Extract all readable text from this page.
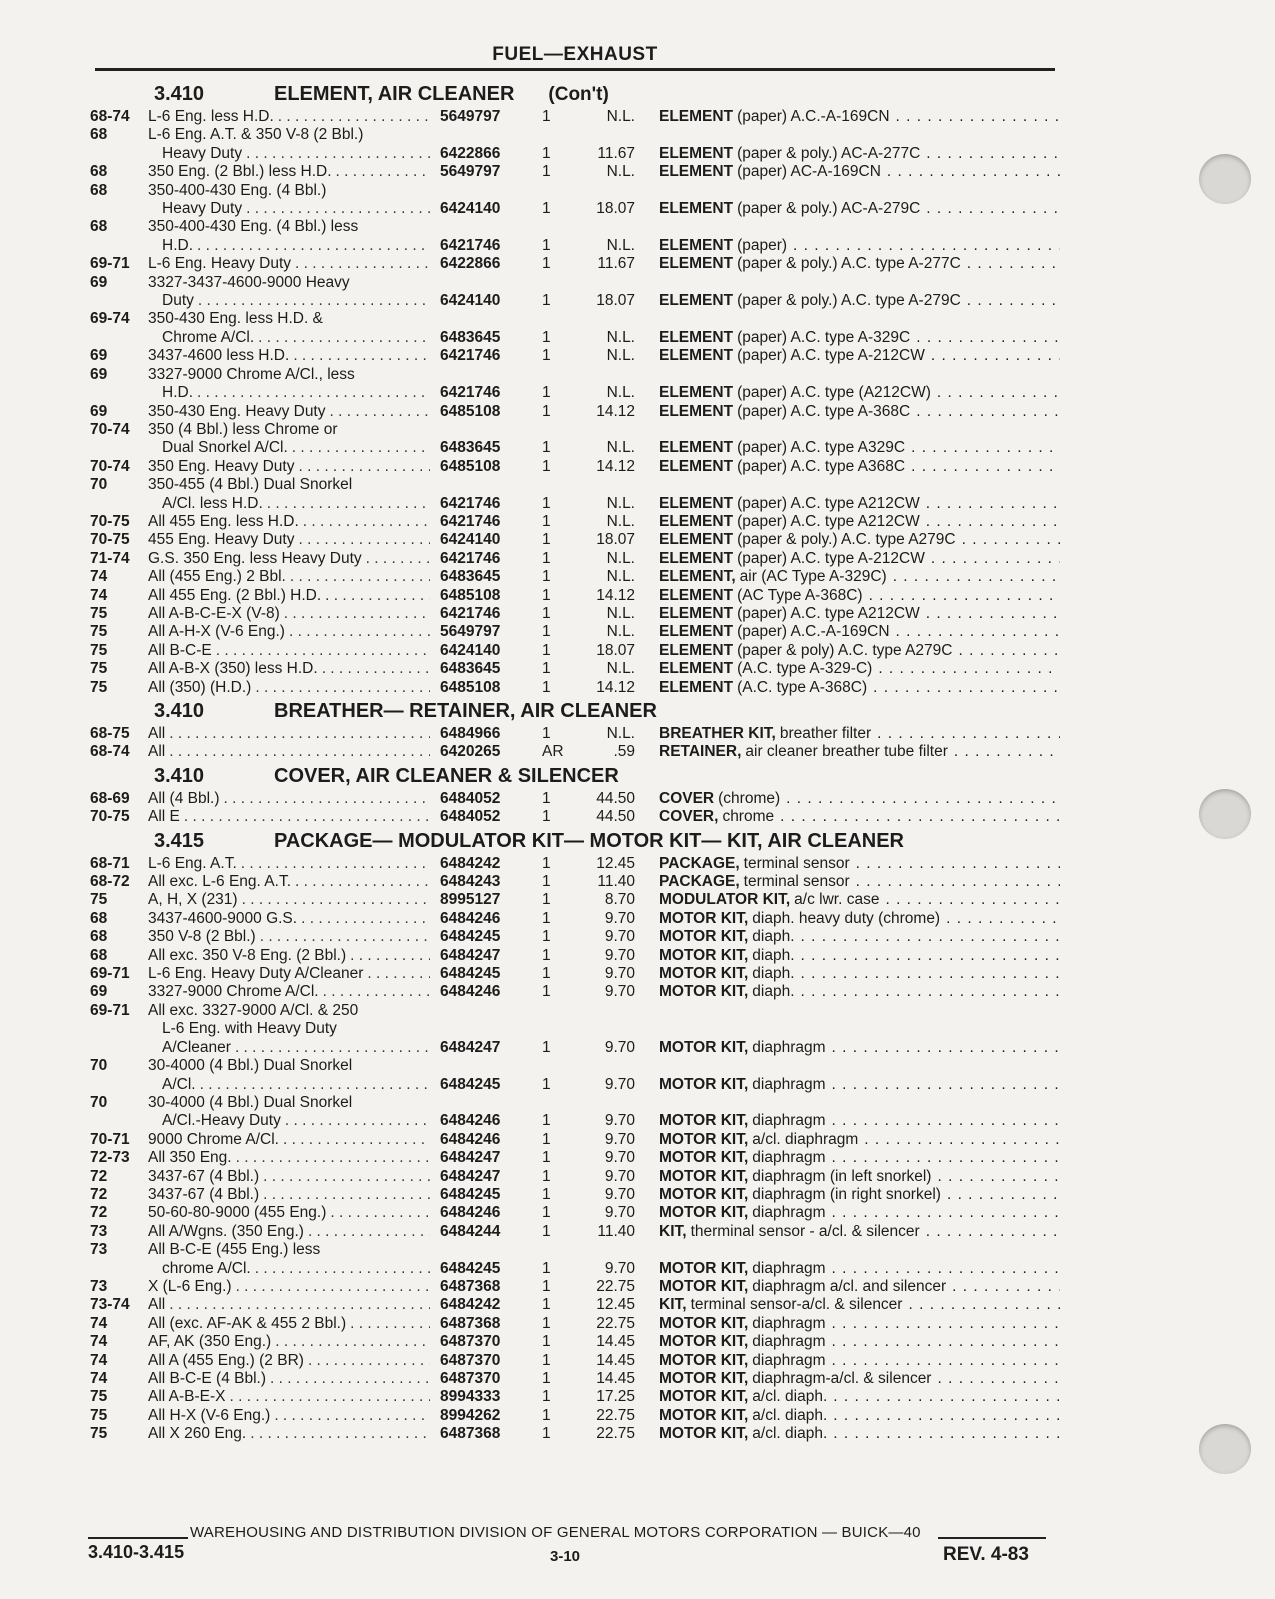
FUEL—EXHAUST
3.410	ELEMENT, AIR CLEANER (Con't)
68-74	L-6 Eng. less H.D. . . .	5649797	1	N.L.	ELEMENT (paper) A.C.-A-169CN
. . .
68	L-6 Eng. A.T. & 350 V-8 (2 Bbl.)
Heavy Duty . . .	6422866	1	11.67	ELEMENT (paper & poly.) AC-A-277C
. . .
68	350 Eng. (2 Bbl.) less H.D. . . .	5649797	1	N.L.	ELEMENT (paper) AC-A-169CN
. . .
68	350-400-430 Eng. (4 Bbl.)
Heavy Duty . . .	6424140	1	18.07	ELEMENT (paper & poly.) AC-A-279C
. . .
68	350-400-430 Eng. (4 Bbl.) less
H.D. . . .	6421746	1	N.L.	ELEMENT (paper)
. . .
69-71	L-6 Eng. Heavy Duty . . .	6422866	1	11.67	ELEMENT (paper & poly.) A.C. type A-277C
. . .
69	3327-3437-4600-9000 Heavy
Duty . . .	6424140	1	18.07	ELEMENT (paper & poly.) A.C. type A-279C
. . .
69-74	350-430 Eng. less H.D. &
Chrome A/Cl. . . .	6483645	1	N.L.	ELEMENT (paper) A.C. type A-329C
. . .
69	3437-4600 less H.D. . . .	6421746	1	N.L.	ELEMENT (paper) A.C. type A-212CW
. . .
69	3327-9000 Chrome A/Cl., less
H.D. . . .	6421746	1	N.L.	ELEMENT (paper) A.C. type (A212CW)
. . .
69	350-430 Eng. Heavy Duty . . .	6485108	1	14.12	ELEMENT (paper) A.C. type A-368C
. . .
70-74	350 (4 Bbl.) less Chrome or
Dual Snorkel A/Cl. . . .	6483645	1	N.L.	ELEMENT (paper) A.C. type A329C
. . .
70-74	350 Eng. Heavy Duty . . .	6485108	1	14.12	ELEMENT (paper) A.C. type A368C
. . .
70	350-455 (4 Bbl.) Dual Snorkel
A/Cl. less H.D. . . .	6421746	1	N.L.	ELEMENT (paper) A.C. type A212CW
. . .
70-75	All 455 Eng. less H.D. . . .	6421746	1	N.L.	ELEMENT (paper) A.C. type A212CW
. . .
70-75	455 Eng. Heavy Duty . . .	6424140	1	18.07	ELEMENT (paper & poly.) A.C. type A279C
. . .
71-74	G.S. 350 Eng. less Heavy Duty . . .	6421746	1	N.L.	ELEMENT (paper) A.C. type A-212CW
. . .
74	All (455 Eng.) 2 Bbl. . . .	6483645	1	N.L.	ELEMENT, air (AC Type A-329C)
. . .
74	All 455 Eng. (2 Bbl.) H.D. . . .	6485108	1	14.12	ELEMENT (AC Type A-368C)
. . .
75	All A-B-C-E-X (V-8) . . .	6421746	1	N.L.	ELEMENT (paper) A.C. type A212CW
. . .
75	All A-H-X (V-6 Eng.) . . .	5649797	1	N.L.	ELEMENT (paper) A.C.-A-169CN
. . .
75	All B-C-E . . .	6424140	1	18.07	ELEMENT (paper & poly) A.C. type A279C
. . .
75	All A-B-X (350) less H.D. . . .	6483645	1	N.L.	ELEMENT (A.C. type A-329-C)
. . .
75	All (350) (H.D.) . . .	6485108	1	14.12	ELEMENT (A.C. type A-368C)
. . .
3.410	BREATHER— RETAINER, AIR CLEANER
68-75	All . . .	6484966	1	N.L.	BREATHER KIT, breather filter
. . .
68-74	All . . .	6420265	AR	.59	RETAINER, air cleaner breather tube filter
. . .
3.410	COVER, AIR CLEANER & SILENCER
68-69	All (4 Bbl.) . . .	6484052	1	44.50	COVER (chrome)
. . .
70-75	All E . . .	6484052	1	44.50	COVER, chrome
. . .
3.415	PACKAGE— MODULATOR KIT— MOTOR KIT— KIT, AIR CLEANER
68-71	L-6 Eng. A.T. . . .	6484242	1	12.45	PACKAGE, terminal sensor
. . .
68-72	All exc. L-6 Eng. A.T. . . .	6484243	1	11.40	PACKAGE, terminal sensor
. . .
75	A, H, X (231) . . .	8995127	1	8.70	MODULATOR KIT, a/c lwr. case
. . .
68	3437-4600-9000 G.S. . . .	6484246	1	9.70	MOTOR KIT, diaph. heavy duty (chrome)
. . .
68	350 V-8 (2 Bbl.) . . .	6484245	1	9.70	MOTOR KIT, diaph.
. . .
68	All exc. 350 V-8 Eng. (2 Bbl.) . . .	6484247	1	9.70	MOTOR KIT, diaph.
. . .
69-71	L-6 Eng. Heavy Duty A/Cleaner . . .	6484245	1	9.70	MOTOR KIT, diaph.
. . .
69	3327-9000 Chrome A/Cl. . . .	6484246	1	9.70	MOTOR KIT, diaph.
. . .
69-71	All exc. 3327-9000 A/Cl. & 250
L-6 Eng. with Heavy Duty
A/Cleaner . . .	6484247	1	9.70	MOTOR KIT, diaphragm
. . .
70	30-4000 (4 Bbl.) Dual Snorkel
A/Cl. . . .	6484245	1	9.70	MOTOR KIT, diaphragm
. . .
70	30-4000 (4 Bbl.) Dual Snorkel
A/Cl.-Heavy Duty . . .	6484246	1	9.70	MOTOR KIT, diaphragm
. . .
70-71	9000 Chrome A/Cl. . . .	6484246	1	9.70	MOTOR KIT, a/cl. diaphragm
. . .
72-73	All 350 Eng. . . .	6484247	1	9.70	MOTOR KIT, diaphragm
. . .
72	3437-67 (4 Bbl.) . . .	6484247	1	9.70	MOTOR KIT, diaphragm (in left snorkel)
. . .
72	3437-67 (4 Bbl.) . . .	6484245	1	9.70	MOTOR KIT, diaphragm (in right snorkel)
. . .
72	50-60-80-9000 (455 Eng.) . . .	6484246	1	9.70	MOTOR KIT, diaphragm
. . .
73	All A/Wgns. (350 Eng.) . . .	6484244	1	11.40	KIT, therminal sensor - a/cl. & silencer
. . .
73	All B-C-E (455 Eng.) less
chrome A/Cl. . . .	6484245	1	9.70	MOTOR KIT, diaphragm
. . .
73	X (L-6 Eng.) . . .	6487368	1	22.75	MOTOR KIT, diaphragm a/cl. and silencer
. . .
73-74	All . . .	6484242	1	12.45	KIT, terminal sensor-a/cl. & silencer
. . .
74	All (exc. AF-AK & 455 2 Bbl.) . . .	6487368	1	22.75	MOTOR KIT, diaphragm
. . .
74	AF, AK (350 Eng.) . . .	6487370	1	14.45	MOTOR KIT, diaphragm
. . .
74	All A (455 Eng.) (2 BR) . . .	6487370	1	14.45	MOTOR KIT, diaphragm
. . .
74	All B-C-E (4 Bbl.) . . .	6487370	1	14.45	MOTOR KIT, diaphragm-a/cl. & silencer
. . .
75	All A-B-E-X . . .	8994333	1	17.25	MOTOR KIT, a/cl. diaph.
. . .
75	All H-X (V-6 Eng.) . . .	8994262	1	22.75	MOTOR KIT, a/cl. diaph.
. . .
75	All X 260 Eng. . . .	6487368	1	22.75	MOTOR KIT, a/cl. diaph.
. . .
WAREHOUSING AND DISTRIBUTION DIVISION OF GENERAL MOTORS CORPORATION — BUICK—40
3.410-3.415	3-10	REV. 4-83
